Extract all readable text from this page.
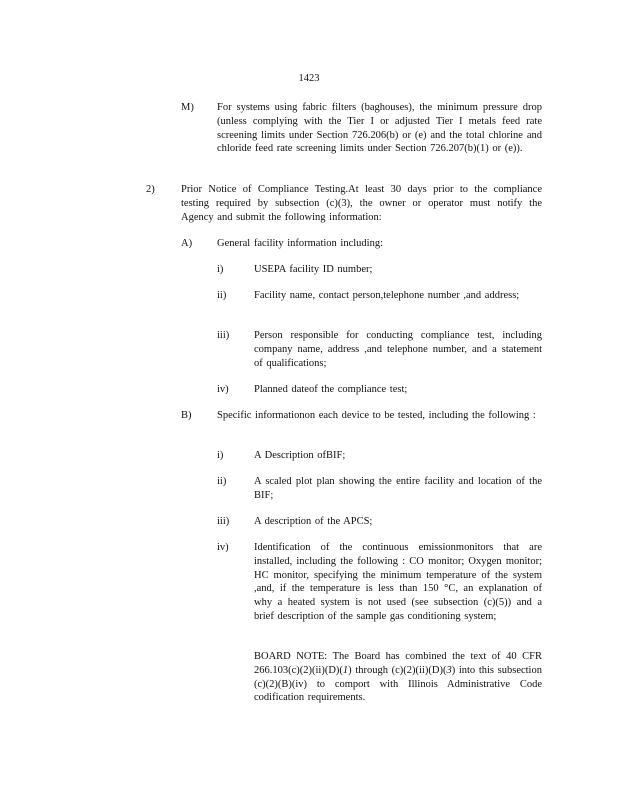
1423
M)	For systems using fabric filters (baghouses), the minimum pressure drop (unless complying with the Tier I or adjusted Tier I metals feed rate screening limits under Section 726.206(b) or (e) and the total chlorine and chloride feed rate screening limits under Section 726.207(b)(1) or (e)).
2)	Prior Notice of Compliance Testing.At least 30 days prior to the compliance testing required by subsection (c)(3), the owner or operator must notify the Agency and submit the following information:
A)	General facility information including:
i)	USEPA facility ID number;
ii)	Facility name, contact person,telephone number ,and address;
iii)	Person responsible for conducting compliance test, including company name, address ,and telephone number, and a statement of qualifications;
iv)	Planned dateof the compliance test;
B)	Specific informationon each device to be tested, including the following :
i)	A Description ofBIF;
ii)	A scaled plot plan showing the entire facility and location of the BIF;
iii)	A description of the APCS;
iv)	Identification of the continuous emissionmonitors that are installed, including the following : CO monitor; Oxygen monitor; HC monitor, specifying the minimum temperature of the system ,and, if the temperature is less than 150 °C, an explanation of why a heated system is not used (see subsection (c)(5)) and a brief description of the sample gas conditioning system;
BOARD NOTE: The Board has combined the text of 40 CFR 266.103(c)(2)(ii)(D)(1) through (c)(2)(ii)(D)(3) into this subsection (c)(2)(B)(iv) to comport with Illinois Administrative Code codification requirements.
